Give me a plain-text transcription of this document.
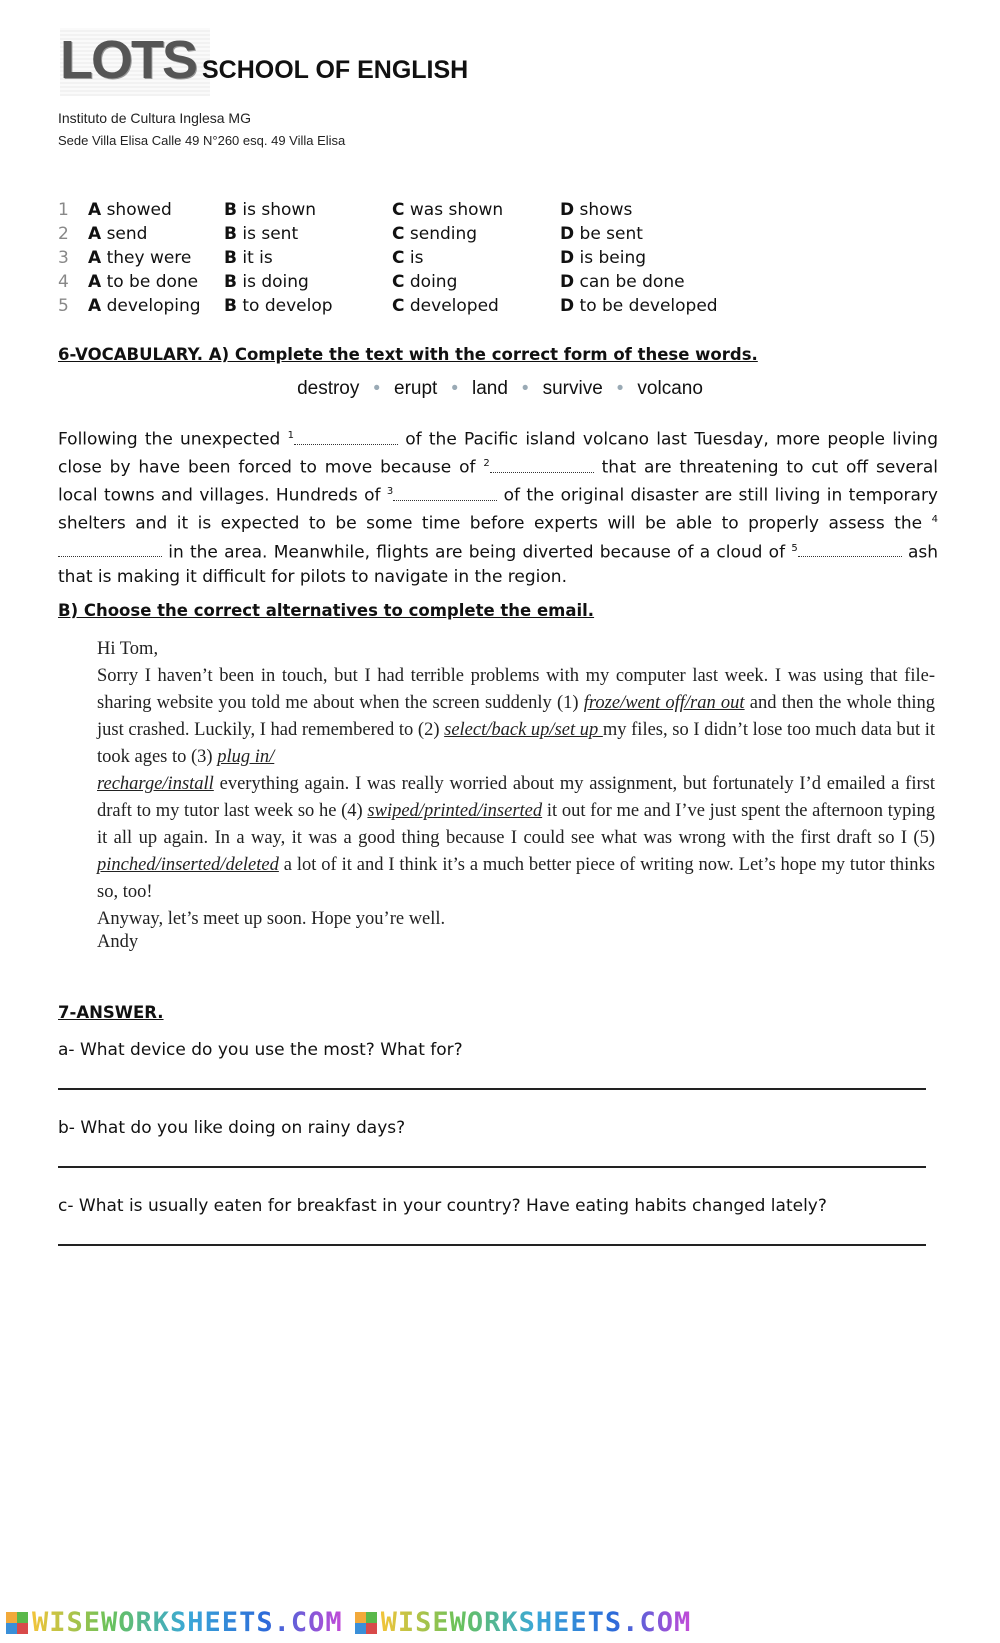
LOTS SCHOOL OF ENGLISH
Instituto de Cultura Inglesa MG
Sede Villa Elisa Calle 49 N°260 esq. 49 Villa Elisa
1 A showed	B is shown	C was shown	D shows
2 A send	B is sent	C sending	D be sent
3 A they were B it is	C is	D is being
4 A to be done B is doing	C doing	D can be done
5 A developing B to develop	C developed	D to be developed
6-VOCABULARY. A) Complete the text with the correct form of these words.
destroy • erupt • land • survive • volcano
Following the unexpected $^1$	of the Pacific island volcano last Tuesday, more people living close by have been forced to move because of $^2$	that are threatening to cut off several local towns and villages. Hundreds of $^3$	of the original disaster are still living in temporary shelters and it is expected to be some time before experts will be able to properly assess the $^4$ in the area. Meanwhile, flights are being diverted because of a cloud of $^5$	ash that is making it difficult for pilots to navigate in the region.
B) Choose the correct alternatives to complete the email.

Hi Tom,

Sorry I haven’t been in touch, but I had terrible problems with my computer last week. I was using that file-sharing website you told me about when the screen suddenly (1) froze/went off/ran out and then the whole thing just crashed. Luckily, I had remembered to (2) select/back up/set up my files, so I didn’t lose too much data but it took ages to (3) plug in/
recharge/install everything again. I was really worried about my assignment, but fortunately I’d emailed a first draft to my tutor last week so he (4) swiped/printed/inserted it out for me and I’ve just spent the afternoon typing it all up again. In a way, it was a good thing because I could see what was wrong with the first draft so I (5) pinched/inserted/deleted a lot of it and I think it’s a much better piece of writing now. Let’s hope my tutor thinks so, too!

Anyway, let’s meet up soon. Hope you’re well.

Andy

7-ANSWER.
a- What device do you use the most? What for?
b- What do you like doing on rainy days?
c- What is usually eaten for breakfast in your country? Have eating habits changed lately?
WISEWORKSHEETS.COM WISEWORKSHEETS.COM
